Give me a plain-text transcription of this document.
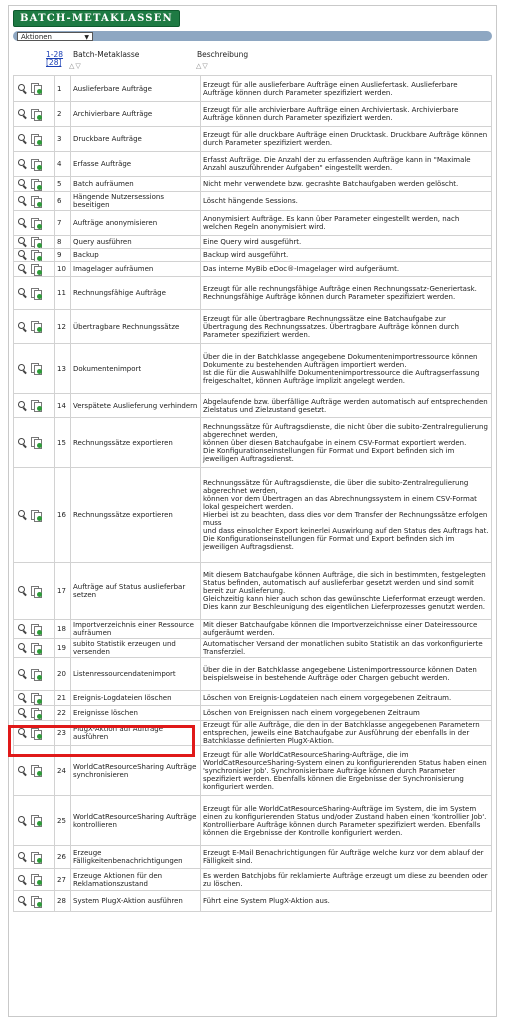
BATCH-METAKLASSEN
Aktionen	▼
1-28
[28]
Batch-Metaklasse	Beschreibung
△▽	△▽
	1	Auslieferbare Aufträge	Erzeugt für alle auslieferbare Aufträge einen Ausliefertask. Auslieferbare Aufträge können durch Parameter spezifiziert werden.

	2	Archivierbare Aufträge	Erzeugt für alle archivierbare Aufträge einen Archiviertask. Archivierbare Aufträge können durch Parameter spezifiziert werden.

	3	Druckbare Aufträge	Erzeugt für alle druckbare Aufträge einen Drucktask. Druckbare Aufträge können durch Parameter spezifiziert werden.

	4	Erfasse Aufträge	Erfasst Aufträge. Die Anzahl der zu erfassenden Aufträge kann in "Maximale Anzahl auszuführender Aufgaben" eingestellt werden.

	5	Batch aufräumen	Nicht mehr verwendete bzw. gecrashte Batchaufgaben werden gelöscht.

	6	Hängende Nutzersessions beseitigen	Löscht hängende Sessions.

	7	Aufträge anonymisieren	Anonymisiert Aufträge. Es kann über Parameter eingestellt werden, nach welchen Regeln anonymisiert wird.

	8	Query ausführen	Eine Query wird ausgeführt.

	9	Backup	Backup wird ausgeführt.

	10	Imagelager aufräumen	Das interne MyBib eDoc®-Imagelager wird aufgeräumt.

	11	Rechnungsfähige Aufträge	Erzeugt für alle rechnungsfähige Aufträge einen Rechnungssatz-Generiertask. Rechnungsfähige Aufträge können durch Parameter spezifiziert werden.

	12	Übertragbare Rechnungssätze	Erzeugt für alle übertragbare Rechnungssätze eine Batchaufgabe zur Übertragung des Rechnungssatzes. Übertragbare Aufträge können durch Parameter spezifiziert werden.

	13	Dokumentenimport	Über die in der Batchklasse angegebene Dokumentenimportressource können Dokumente zu bestehenden Aufträgen importiert werden.
Ist die für die Auswahlhilfe Dokumentenimportressource die Auftragserfassung freigeschaltet, können Aufträge implizit angelegt werden.

	14	Verspätete Auslieferung verhindern	Abgelaufende bzw. überfällige Aufträge werden automatisch auf entsprechenden Zielstatus und Zielzustand gesetzt.

	15	Rechnungssätze exportieren	Rechnungssätze für Auftragsdienste, die nicht über die subito-Zentralregulierung abgerechnet werden,
können über diesen Batchaufgabe in einem CSV-Format exportiert werden.
Die Konfigurationseinstellungen für Format und Export befinden sich im jeweiligen Auftragsdienst.

	16	Rechnungssätze exportieren	Rechnungssätze für Auftragsdienste, die über die subito-Zentralregulierung abgerechnet werden,
können vor dem Übertragen an das Abrechnungssystem in einem CSV-Format lokal gespeichert werden.
Hierbei ist zu beachten, dass dies vor dem Transfer der Rechnungssätze erfolgen muss
und dass einsolcher Export keinerlei Auswirkung auf den Status des Auftrags hat.
Die Konfigurationseinstellungen für Format und Export befinden sich im jeweiligen Auftragsdienst.

	17	Aufträge auf Status auslieferbar setzen	Mit diesem Batchaufgabe können Aufträge, die sich in bestimmten, festgelegten Status befinden, automatisch auf auslieferbar gesetzt werden und sind somit bereit zur Auslieferung.
Gleichzeitig kann hier auch schon das gewünschte Lieferformat erzeugt werden.
Dies kann zur Beschleunigung des eigentlichen Lieferprozesses genutzt werden.

	18	Importverzeichnis einer Ressource aufräumen	Mit dieser Batchaufgabe können die Importverzeichnisse einer Dateiressource aufgeräumt werden.

	19	subito Statistik erzeugen und versenden	Automatischer Versand der monatlichen subito Statistik an das vorkonfigurierte Transferziel.

	20	Listenressourcendatenimport	Über die in der Batchklasse angegebene Listenimportressource können Daten beispielsweise in bestehende Aufträge oder Chargen gebucht werden.

	21	Ereignis-Logdateien löschen	Löschen von Ereignis-Logdateien nach einem vorgegebenen Zeitraum.

	22	Ereignisse löschen	Löschen von Ereignissen nach einem vorgegebenen Zeitraum

	23	PlugX-Aktion auf Aufträge ausführen	Erzeugt für alle Aufträge, die den in der Batchklasse angegebenen Parametern entsprechen, jeweils eine Batchaufgabe zur Ausführung der ebenfalls in der Batchklasse definierten PlugX-Aktion.

	24	WorldCatResourceSharing Aufträge synchronisieren	Erzeugt für alle WorldCatResourceSharing-Aufträge, die im WorldCatResourceSharing-System einen zu konfigurierenden Status haben einen 'synchronisier Job'. Synchronisierbare Aufträge können durch Parameter spezifiziert werden. Ebenfalls können die Ergebnisse der Synchronisierung konfiguriert werden.

	25	WorldCatResourceSharing Aufträge kontrollieren	Erzeugt für alle WorldCatResourceSharing-Aufträge im System, die im System einen zu konfigurierenden Status und/oder Zustand haben einen 'kontrollier Job'. Kontrollierbare Aufträge können durch Parameter spezifiziert werden. Ebenfalls können die Ergebnisse der Kontrolle konfiguriert werden.

	26	Erzeuge Fälligkeitenbenachrichtigungen	Erzeugt E-Mail Benachrichtigungen für Aufträge welche kurz vor dem ablauf der Fälligkeit sind.

	27	Erzeuge Aktionen für den Reklamationszustand	Es werden Batchjobs für reklamierte Aufträge erzeugt um diese zu beenden oder zu löschen.

	28	System PlugX-Aktion ausführen	Führt eine System PlugX-Aktion aus.
